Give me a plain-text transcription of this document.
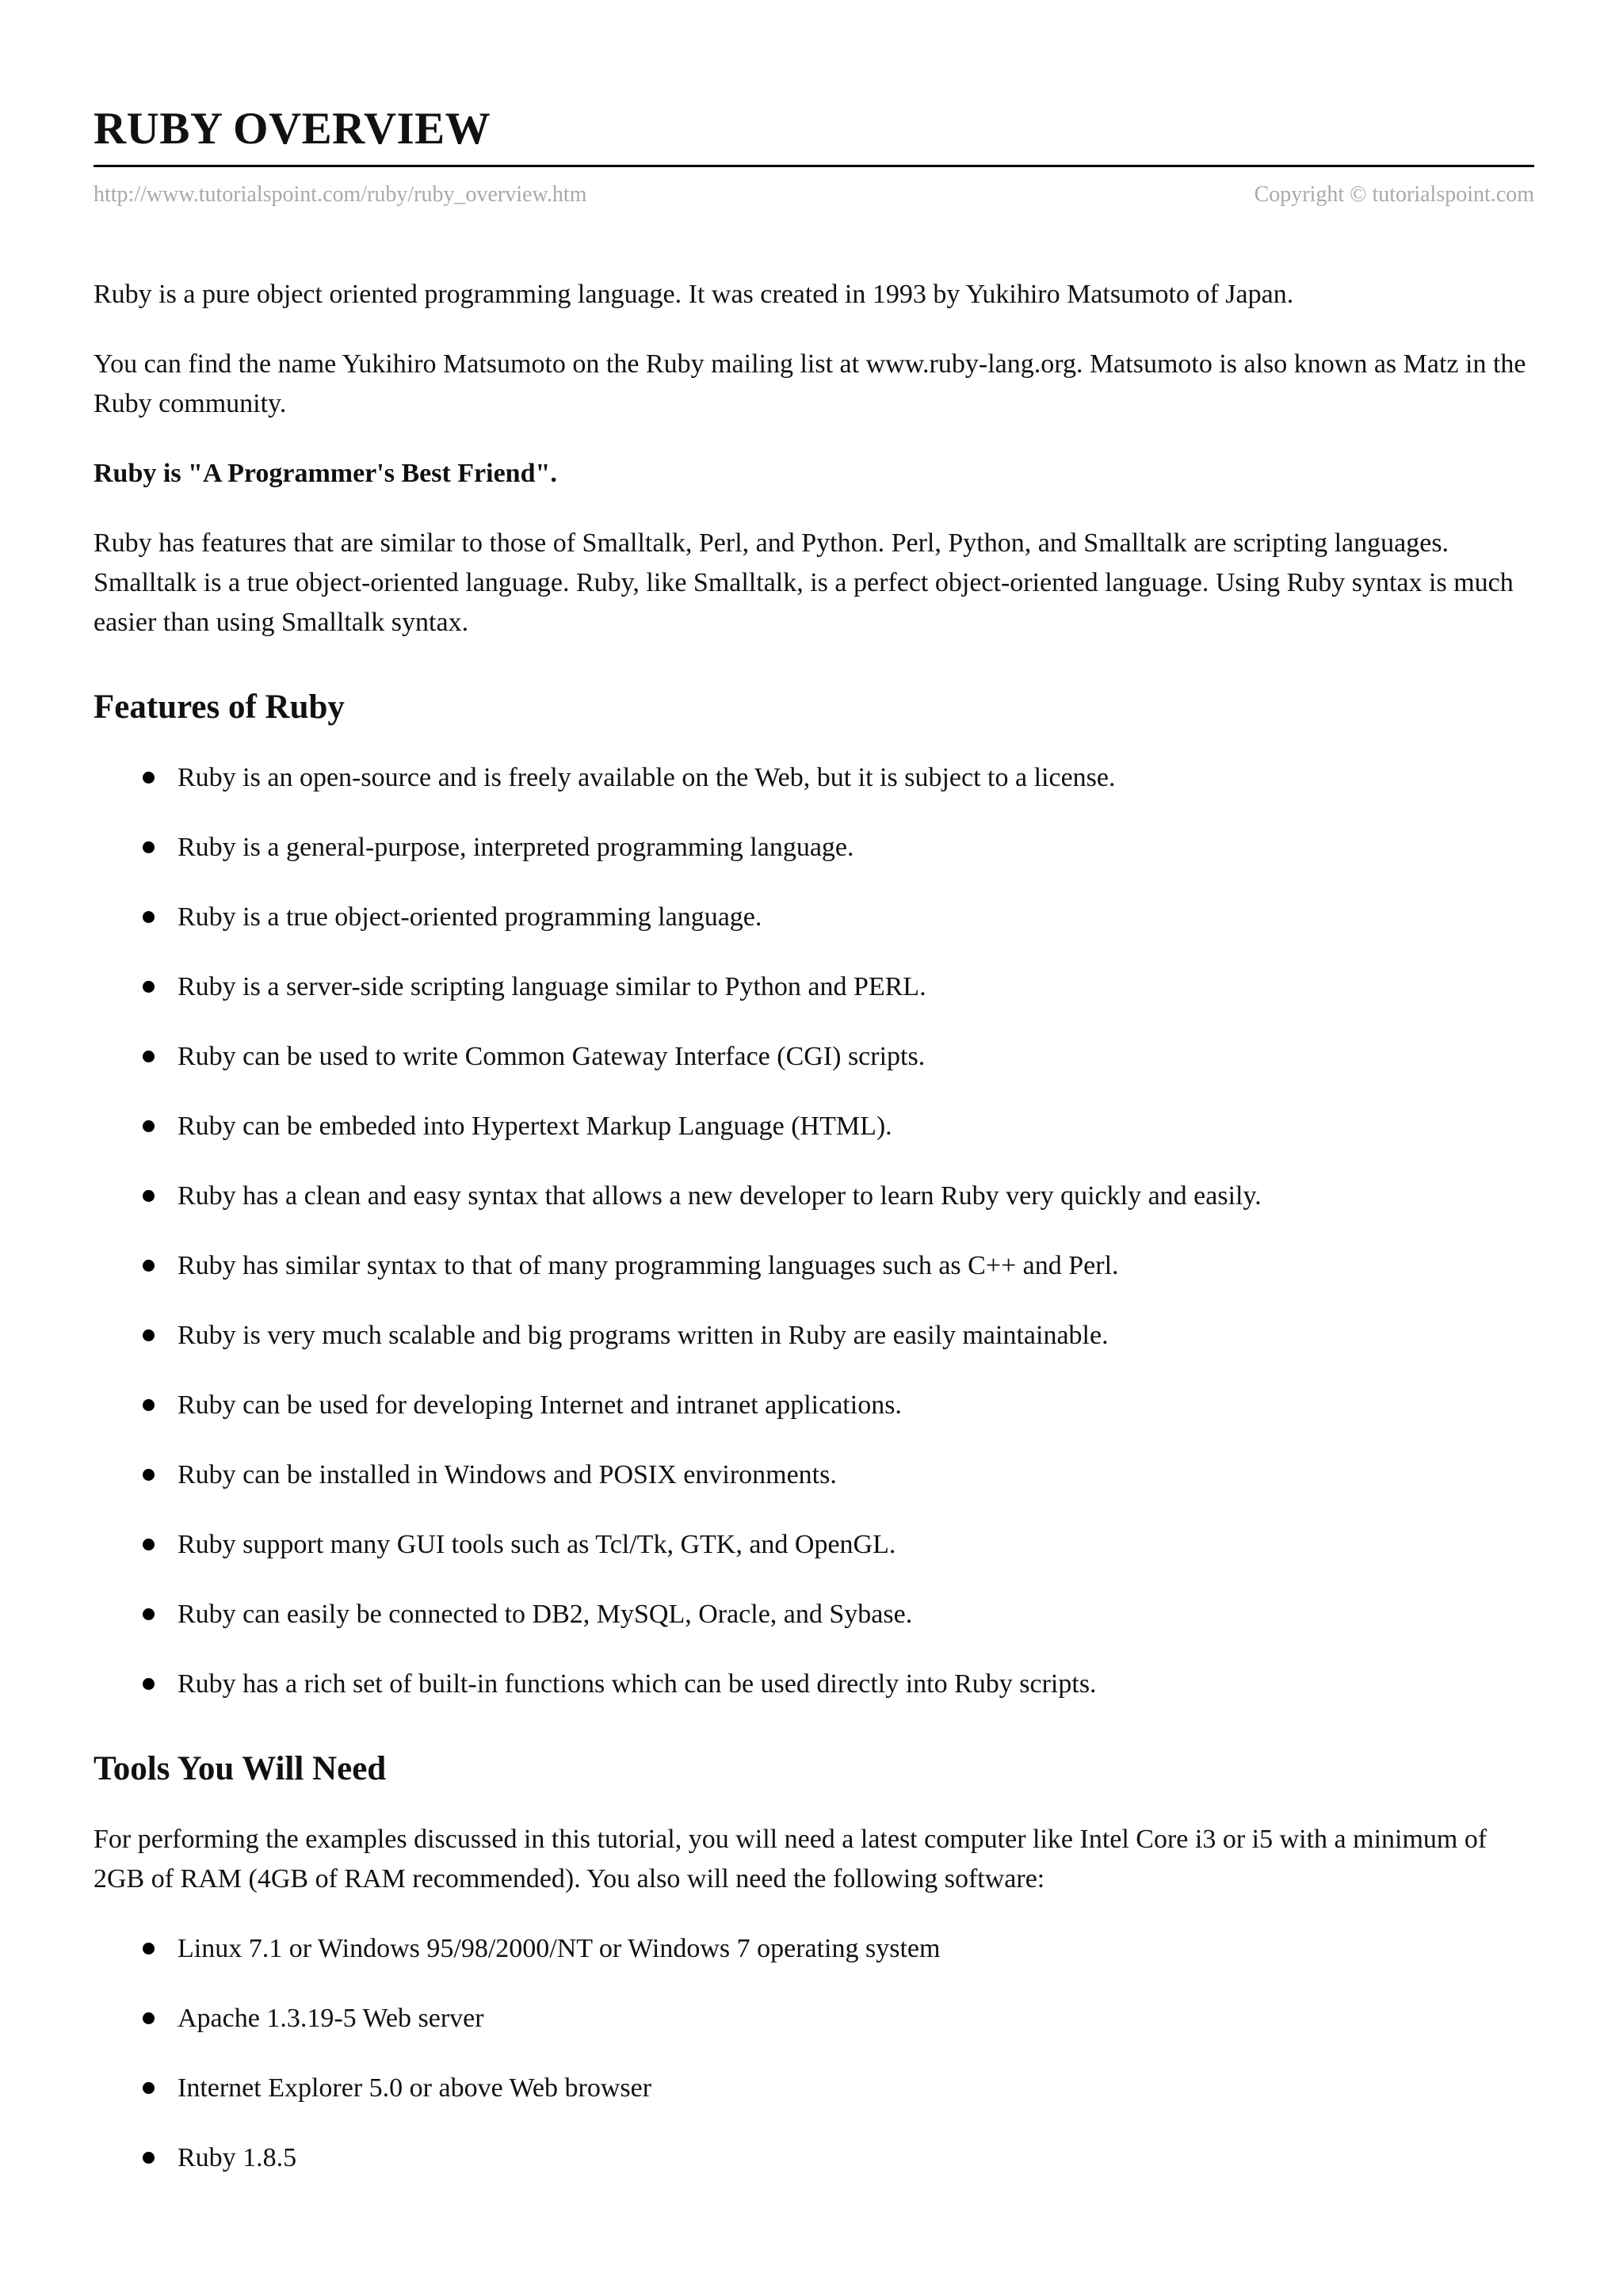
RUBY OVERVIEW
http://www.tutorialspoint.com/ruby/ruby_overview.htm	Copyright © tutorialspoint.com

Ruby is a pure object oriented programming language. It was created in 1993 by Yukihiro Matsumoto of Japan.

You can find the name Yukihiro Matsumoto on the Ruby mailing list at www.ruby-lang.org. Matsumoto is also known as Matz in the Ruby community.

Ruby is "A Programmer's Best Friend".

Ruby has features that are similar to those of Smalltalk, Perl, and Python. Perl, Python, and Smalltalk are scripting languages. Smalltalk is a true object-oriented language. Ruby, like Smalltalk, is a perfect object-oriented language. Using Ruby syntax is much easier than using Smalltalk syntax.

Features of Ruby
Ruby is an open-source and is freely available on the Web, but it is subject to a license.
Ruby is a general-purpose, interpreted programming language.
Ruby is a true object-oriented programming language.
Ruby is a server-side scripting language similar to Python and PERL.
Ruby can be used to write Common Gateway Interface (CGI) scripts.
Ruby can be embeded into Hypertext Markup Language (HTML).
Ruby has a clean and easy syntax that allows a new developer to learn Ruby very quickly and easily.
Ruby has similar syntax to that of many programming languages such as C++ and Perl.
Ruby is very much scalable and big programs written in Ruby are easily maintainable.
Ruby can be used for developing Internet and intranet applications.
Ruby can be installed in Windows and POSIX environments.
Ruby support many GUI tools such as Tcl/Tk, GTK, and OpenGL.
Ruby can easily be connected to DB2, MySQL, Oracle, and Sybase.
Ruby has a rich set of built-in functions which can be used directly into Ruby scripts.
Tools You Will Need

For performing the examples discussed in this tutorial, you will need a latest computer like Intel Core i3 or i5 with a minimum of 2GB of RAM (4GB of RAM recommended). You also will need the following software:

Linux 7.1 or Windows 95/98/2000/NT or Windows 7 operating system
Apache 1.3.19-5 Web server
Internet Explorer 5.0 or above Web browser
Ruby 1.8.5
